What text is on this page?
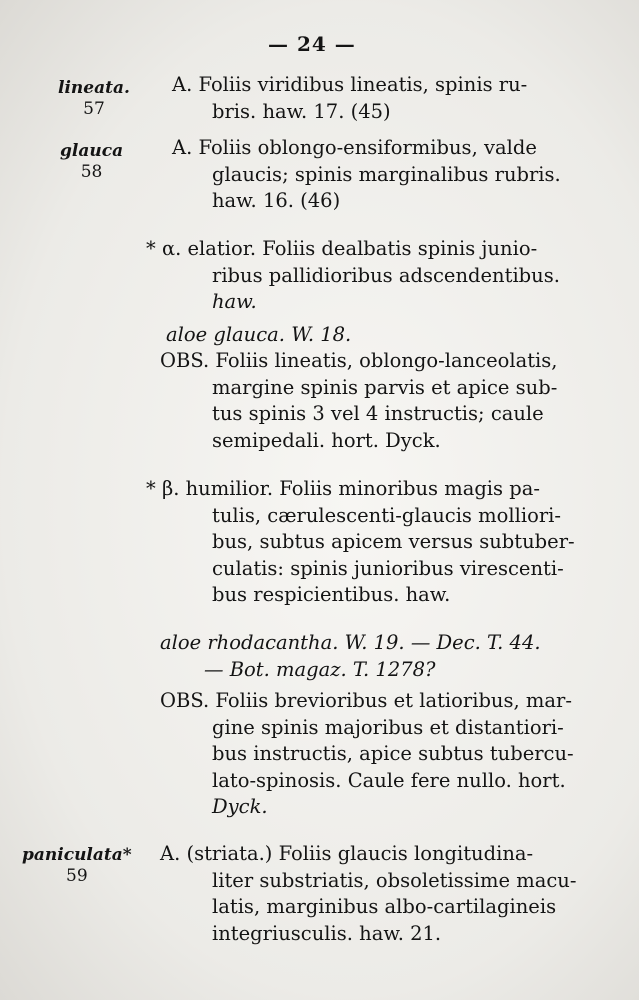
— 24 —
lineata.
57
glauca
58
paniculata*
59
A. Foliis viridibus lineatis, spinis ru-
bris. haw. 17. (45)
A. Foliis oblongo-ensiformibus, valde
glaucis; spinis marginalibus rubris.
haw. 16. (46)
* α. elatior. Foliis dealbatis spinis junio-
ribus pallidioribus adscendentibus.
haw.
aloe glauca. W. 18.
OBS. Foliis lineatis, oblongo-lanceolatis,
margine spinis parvis et apice sub-
tus spinis 3 vel 4 instructis; caule
semipedali. hort. Dyck.
* β. humilior. Foliis minoribus magis pa-
tulis, cærulescenti-glaucis molliori-
bus, subtus apicem versus subtuber-
culatis: spinis junioribus virescenti-
bus respicientibus. haw.
aloe rhodacantha. W. 19. — Dec. T. 44.
— Bot. magaz. T. 1278?
OBS. Foliis brevioribus et latioribus, mar-
gine spinis majoribus et distantiori-
bus instructis, apice subtus tubercu-
lato-spinosis. Caule fere nullo. hort.
Dyck.
A. (striata.) Foliis glaucis longitudina-
liter substriatis, obsoletissime macu-
latis, marginibus albo-cartilagineis
integriusculis. haw. 21.
